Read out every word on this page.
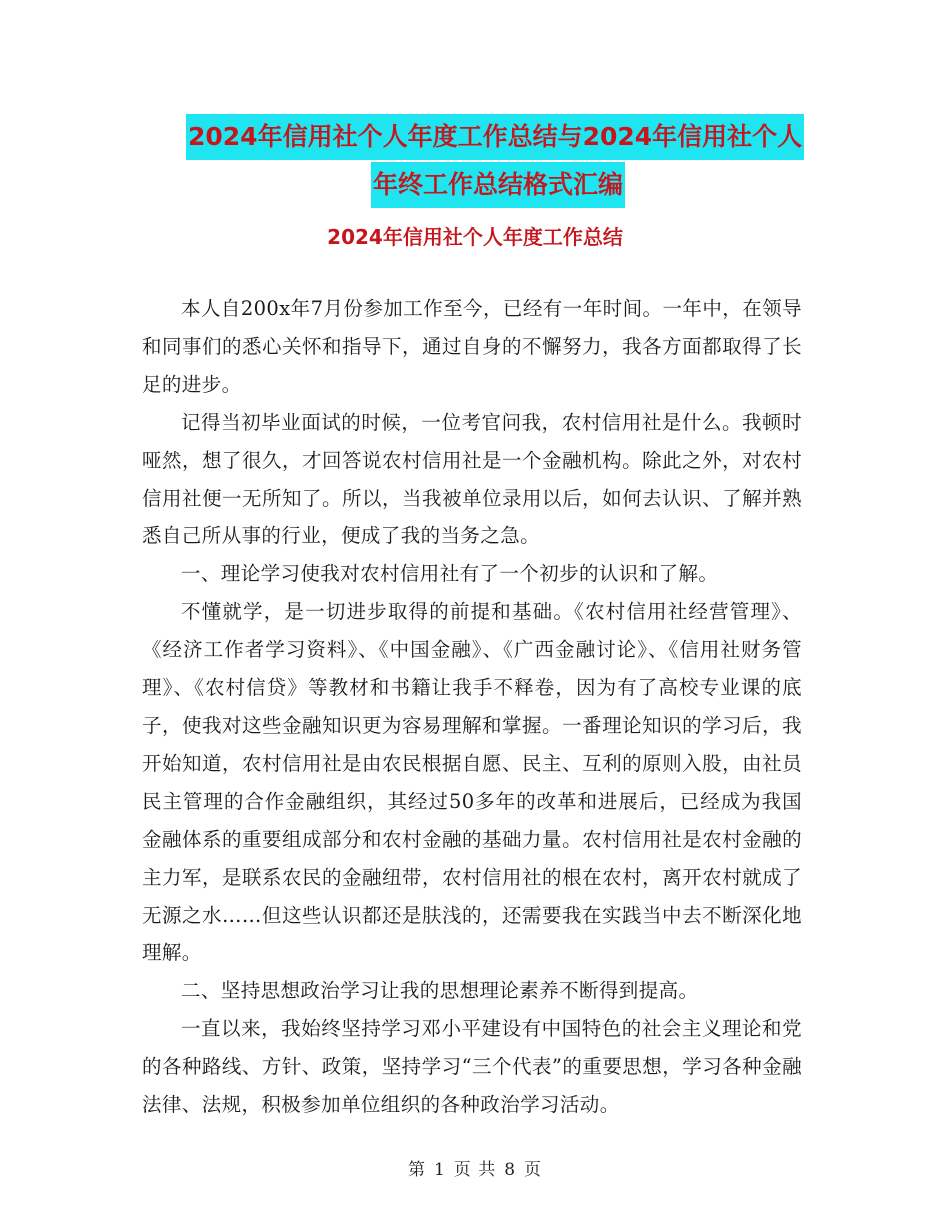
2024年信用社个人年度工作总结与2024年信用社个人
年终工作总结格式汇编
2024年信用社个人年度工作总结

本人自200x年7月份参加工作至今，已经有一年时间。一年中，在领导和同事们的悉心关怀和指导下，通过自身的不懈努力，我各方面都取得了长足的进步。

记得当初毕业面试的时候，一位考官问我，农村信用社是什么。我顿时哑然，想了很久，才回答说农村信用社是一个金融机构。除此之外，对农村信用社便一无所知了。所以，当我被单位录用以后，如何去认识、了解并熟悉自己所从事的行业，便成了我的当务之急。

一、理论学习使我对农村信用社有了一个初步的认识和了解。

不懂就学，是一切进步取得的前提和基础。《农村信用社经营管理》、《经济工作者学习资料》、《中国金融》、《广西金融讨论》、《信用社财务管理》、《农村信贷》等教材和书籍让我手不释卷，因为有了高校专业课的底子，使我对这些金融知识更为容易理解和掌握。一番理论知识的学习后，我开始知道，农村信用社是由农民根据自愿、民主、互利的原则入股，由社员民主管理的合作金融组织，其经过50多年的改革和进展后，已经成为我国金融体系的重要组成部分和农村金融的基础力量。农村信用社是农村金融的主力军，是联系农民的金融纽带，农村信用社的根在农村，离开农村就成了无源之水……但这些认识都还是肤浅的，还需要我在实践当中去不断深化地理解。

二、坚持思想政治学习让我的思想理论素养不断得到提高。

一直以来，我始终坚持学习邓小平建设有中国特色的社会主义理论和党的各种路线、方针、政策，坚持学习“三个代表”的重要思想，学习各种金融法律、法规，积极参加单位组织的各种政治学习活动。

第 1 页 共 8 页
